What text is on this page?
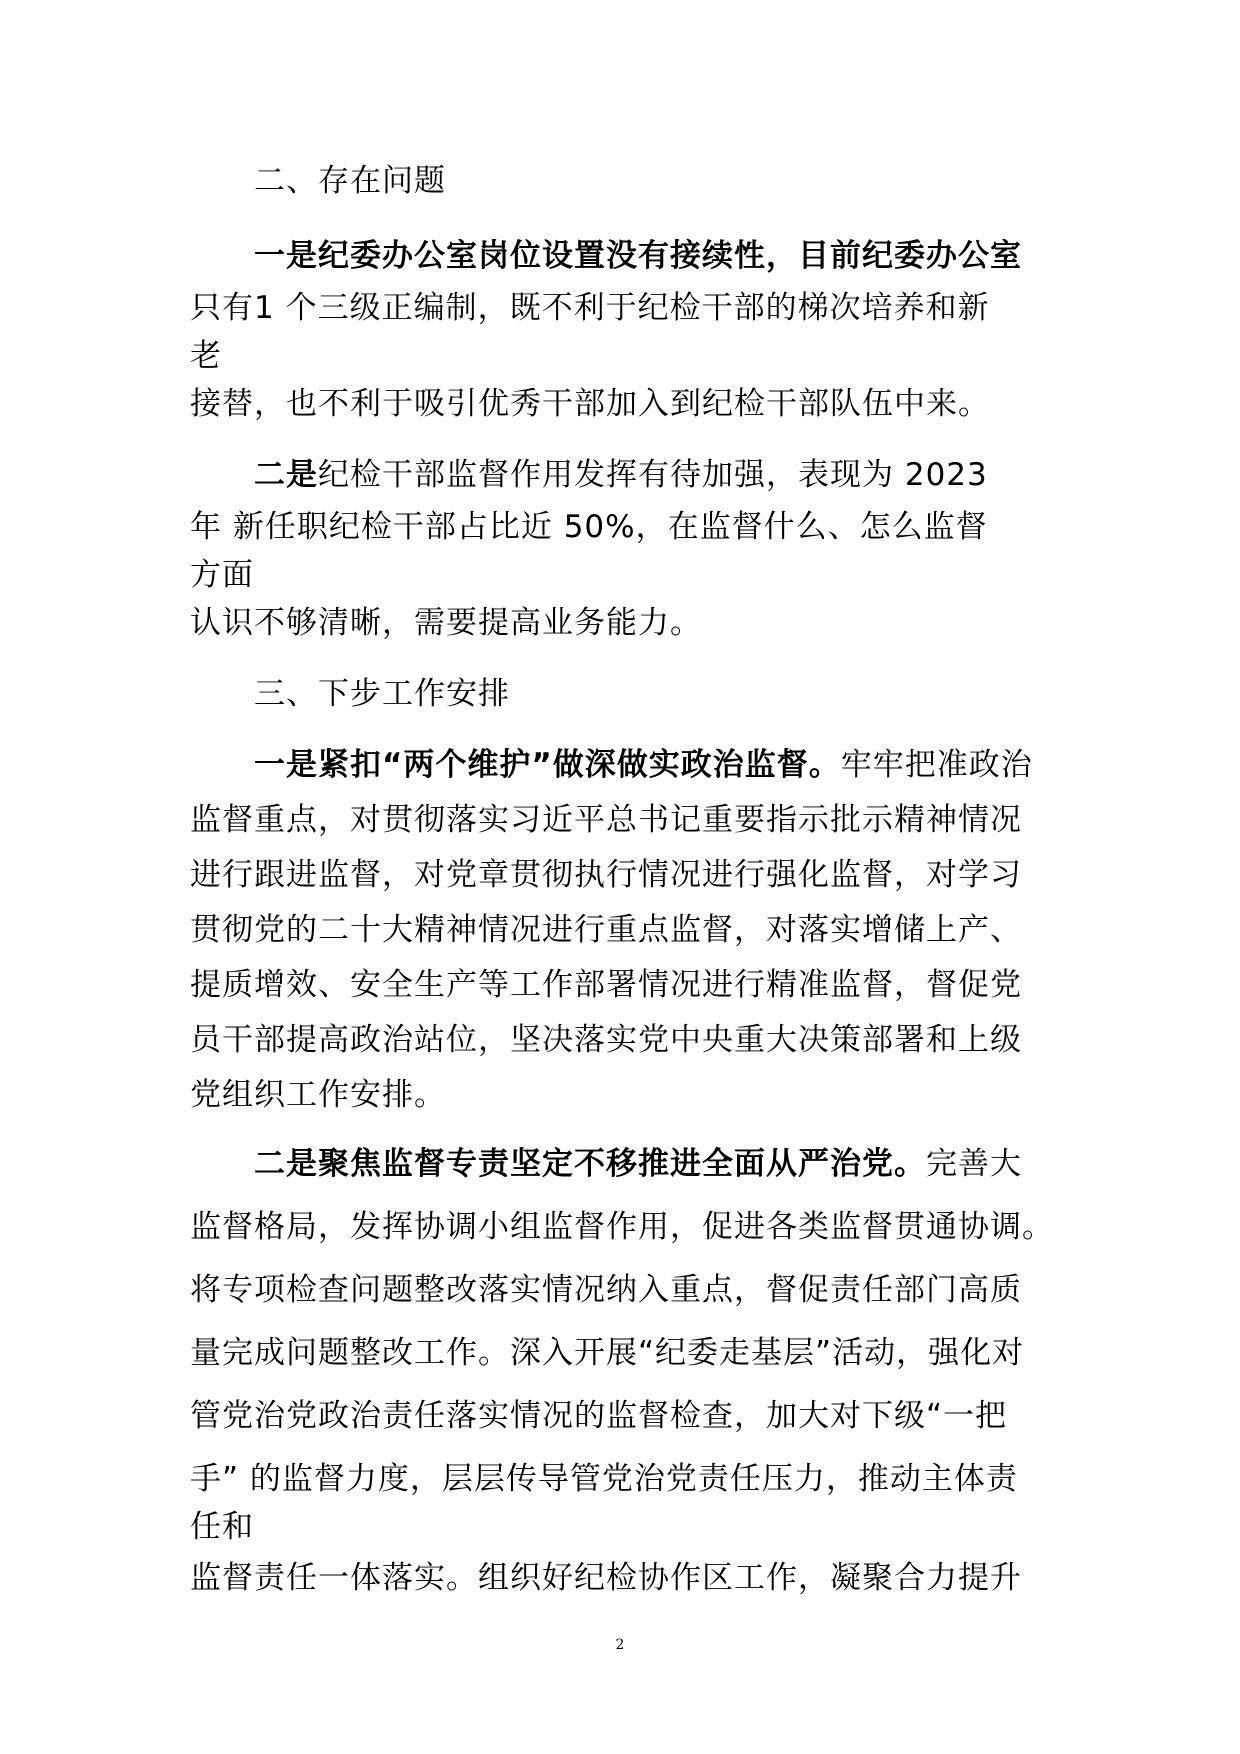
二、存在问题
一是纪委办公室岗位设置没有接续性，目前纪委办公室
只有1 个三级正编制，既不利于纪检干部的梯次培养和新
老
接替，也不利于吸引优秀干部加入到纪检干部队伍中来。
二是纪检干部监督作用发挥有待加强，表现为 2023
年 新任职纪检干部占比近 50%，在监督什么、怎么监督
方面
认识不够清晰，需要提高业务能力。
三、下步工作安排
一是紧扣“两个维护”做深做实政治监督。牢牢把准政治
监督重点，对贯彻落实习近平总书记重要指示批示精神情况
进行跟进监督，对党章贯彻执行情况进行强化监督，对学习
贯彻党的二十大精神情况进行重点监督，对落实增储上产、
提质增效、安全生产等工作部署情况进行精准监督，督促党
员干部提高政治站位，坚决落实党中央重大决策部署和上级
党组织工作安排。
二是聚焦监督专责坚定不移推进全面从严治党。完善大
监督格局，发挥协调小组监督作用，促进各类监督贯通协调。
将专项检查问题整改落实情况纳入重点，督促责任部门高质
量完成问题整改工作。深入开展“纪委走基层”活动，强化对
管党治党政治责任落实情况的监督检查，加大对下级“一把
手” 的监督力度，层层传导管党治党责任压力，推动主体责
任和
监督责任一体落实。组织好纪检协作区工作，凝聚合力提升
2
